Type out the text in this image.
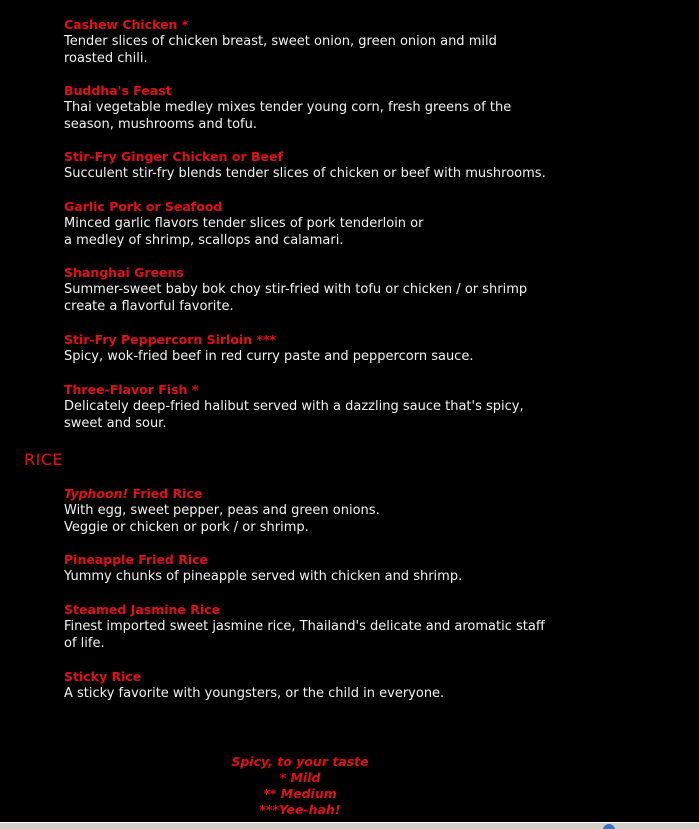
Cashew Chicken *
Tender slices of chicken breast, sweet onion, green onion and mild
roasted chili.
Buddha's Feast
Thai vegetable medley mixes tender young corn, fresh greens of the
season, mushrooms and tofu.
Stir-Fry Ginger Chicken or Beef
Succulent stir-fry blends tender slices of chicken or beef with mushrooms.
Garlic Pork or Seafood
Minced garlic flavors tender slices of pork tenderloin or
a medley of shrimp, scallops and calamari.
Shanghai Greens
Summer-sweet baby bok choy stir-fried with tofu or chicken / or shrimp
create a flavorful favorite.
Stir-Fry Peppercorn Sirloin ***
Spicy, wok-fried beef in red curry paste and peppercorn sauce.
Three-Flavor Fish *
Delicately deep-fried halibut served with a dazzling sauce that's spicy,
sweet and sour.
RICE
Typhoon! Fried Rice
With egg, sweet pepper, peas and green onions.
Veggie or chicken or pork / or shrimp.
Pineapple Fried Rice
Yummy chunks of pineapple served with chicken and shrimp.
Steamed Jasmine Rice
Finest imported sweet jasmine rice, Thailand's delicate and aromatic staff
of life.
Sticky Rice
A sticky favorite with youngsters, or the child in everyone.
Spicy, to your taste
* Mild
** Medium
***Yee-hah!
